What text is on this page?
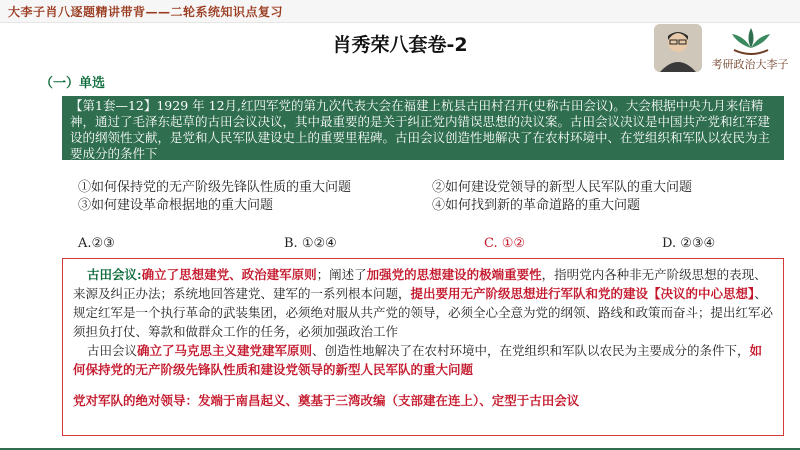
大李子肖八逐题精讲带背——二轮系统知识点复习
肖秀荣八套卷-2
考研政治大李子
（一）单选
【第1套—12】1929 年 12月,红四军党的第九次代表大会在福建上杭县古田村召开(史称古田会议)。大会根据中央九月来信精神，通过了毛泽东起草的古田会议决议，其中最重要的是关于纠正党内错误思想的决议案。古田会议决议是中国共产党和红军建设的纲领性文献，是党和人民军队建设史上的重要里程碑。古田会议创造性地解决了在农村环境中、在党组织和军队以农民为主要成分的条件下
①如何保持党的无产阶级先锋队性质的重大问题	②如何建设党领导的新型人民军队的重大问题
③如何建设革命根据地的重大问题	④如何找到新的革命道路的重大问题
A.②③	B. ①②④	C. ①②	D. ②③④

古田会议:确立了思想建党、政治建军原则；阐述了加强党的思想建设的极端重要性，指明党内各种非无产阶级思想的表现、来源及纠正办法；系统地回答建党、建军的一系列根本问题，提出要用无产阶级思想进行军队和党的建设【决议的中心思想】、规定红军是一个执行革命的武装集团，必须绝对服从共产党的领导，必须全心全意为党的纲领、路线和政策而奋斗；提出红军必须担负打仗、筹款和做群众工作的任务，必须加强政治工作

古田会议确立了马克思主义建党建军原则、创造性地解决了在农村环境中，在党组织和军队以农民为主要成分的条件下，如何保持党的无产阶级先锋队性质和建设党领导的新型人民军队的重大问题

党对军队的绝对领导：发端于南昌起义、奠基于三湾改编（支部建在连上）、定型于古田会议
